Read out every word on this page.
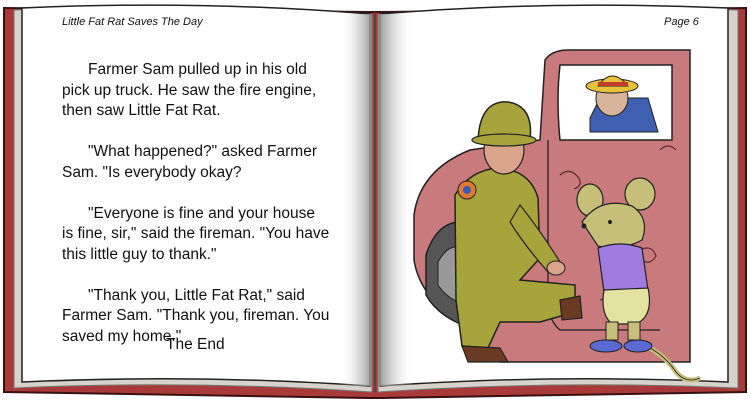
Little Fat Rat Saves The Day	Page 6

Farmer Sam pulled up in his old pick up truck. He saw the fire engine, then saw Little Fat Rat.

"What happened?" asked Farmer Sam. "Is everybody okay?

"Everyone is fine and your house is fine, sir," said the fireman. "You have this little guy to thank."

"Thank you, Little Fat Rat," said Farmer Sam. "Thank you, fireman. You saved my home."

The End
